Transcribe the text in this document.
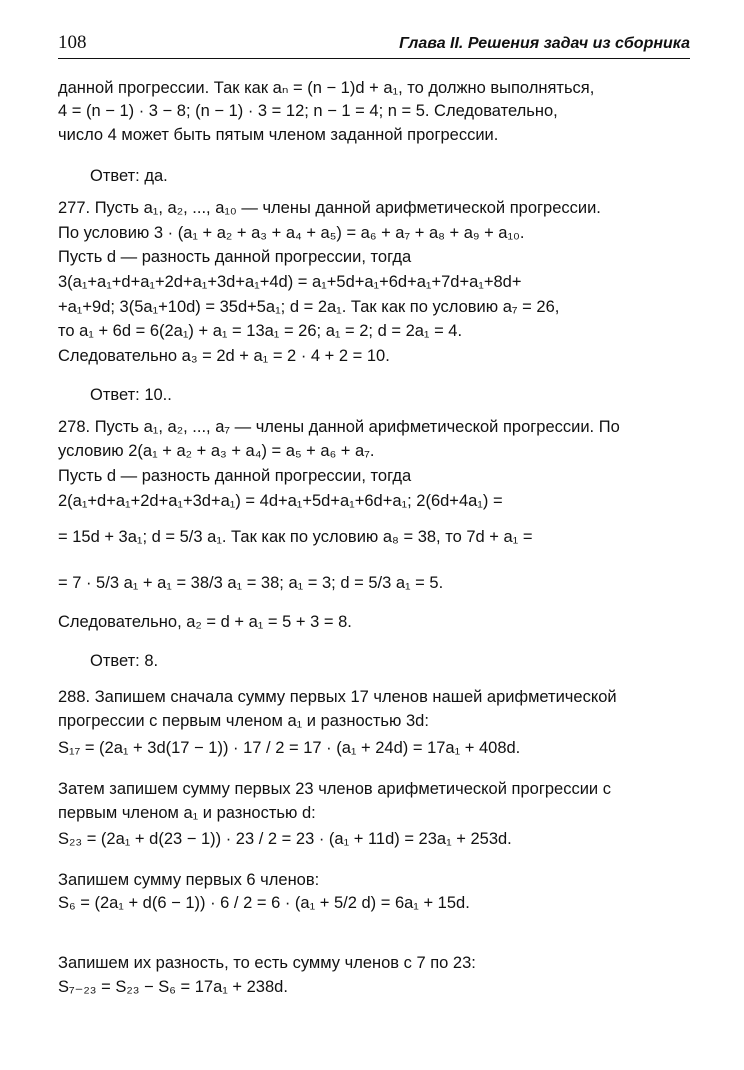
108	Глава II. Решения задач из сборника
данной прогрессии. Так как aₙ = (n − 1)d + a₁, то должно выполняться,
4 = (n − 1) · 3 − 8; (n − 1) · 3 = 12; n − 1 = 4; n = 5. Следовательно,
число 4 может быть пятым членом заданной прогрессии.
Ответ: да.
277. Пусть a₁, a₂, ..., a₁₀ — члены данной арифметической прогрессии.
По условию 3 · (a₁ + a₂ + a₃ + a₄ + a₅) = a₆ + a₇ + a₈ + a₉ + a₁₀.
Пусть d — разность данной прогрессии, тогда
3(a₁+a₁+d+a₁+2d+a₁+3d+a₁+4d) = a₁+5d+a₁+6d+a₁+7d+a₁+8d+
+a₁+9d; 3(5a₁+10d) = 35d+5a₁; d = 2a₁. Так как по условию a₇ = 26,
то a₁ + 6d = 6(2a₁) + a₁ = 13a₁ = 26; a₁ = 2; d = 2a₁ = 4.
Следовательно a₃ = 2d + a₁ = 2 · 4 + 2 = 10.
Ответ: 10..
278. Пусть a₁, a₂, ..., a₇ — члены данной арифметической прогрессии. По
условию 2(a₁ + a₂ + a₃ + a₄) = a₅ + a₆ + a₇.
Пусть d — разность данной прогрессии, тогда
2(a₁+d+a₁+2d+a₁+3d+a₁) = 4d+a₁+5d+a₁+6d+a₁; 2(6d+4a₁) =
= 15d + 3a₁; d = 5/3 a₁. Так как по условию a₈ = 38, то 7d + a₁ =
= 7 · 5/3 a₁ + a₁ = 38/3 a₁ = 38; a₁ = 3; d = 5/3 a₁ = 5.
Следовательно, a₂ = d + a₁ = 5 + 3 = 8.
Ответ: 8.
288. Запишем сначала сумму первых 17 членов нашей арифметической
прогрессии с первым членом a₁ и разностью 3d:
S₁₇ = (2a₁ + 3d(17 − 1)) · 17 / 2 = 17 · (a₁ + 24d) = 17a₁ + 408d.
Затем запишем сумму первых 23 членов арифметической прогрессии с
первым членом a₁ и разностью d:
S₂₃ = (2a₁ + d(23 − 1)) · 23 / 2 = 23 · (a₁ + 11d) = 23a₁ + 253d.
Запишем сумму первых 6 членов:
S₆ = (2a₁ + d(6 − 1)) · 6 / 2 = 6 · (a₁ + 5/2 d) = 6a₁ + 15d.
Запишем их разность, то есть сумму членов с 7 по 23:
S₇₋₂₃ = S₂₃ − S₆ = 17a₁ + 238d.
